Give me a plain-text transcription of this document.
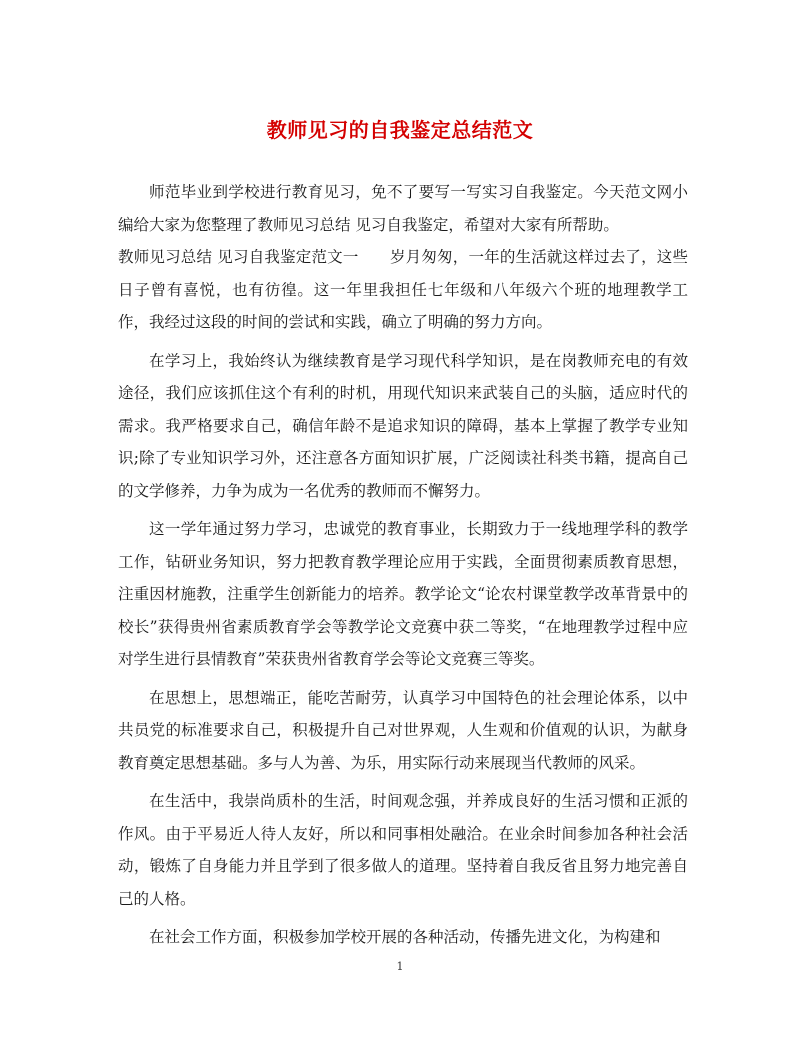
教师见习的自我鉴定总结范文

师范毕业到学校进行教育见习，免不了要写一写实习自我鉴定。今天范文网小编给大家为您整理了教师见习总结 见习自我鉴定，希望对大家有所帮助。

教师见习总结 见习自我鉴定范文一　　岁月匆匆，一年的生活就这样过去了，这些日子曾有喜悦，也有彷徨。这一年里我担任七年级和八年级六个班的地理教学工作，我经过这段的时间的尝试和实践，确立了明确的努力方向。

在学习上，我始终认为继续教育是学习现代科学知识，是在岗教师充电的有效途径，我们应该抓住这个有利的时机，用现代知识来武装自己的头脑，适应时代的需求。我严格要求自己，确信年龄不是追求知识的障碍，基本上掌握了教学专业知识;除了专业知识学习外，还注意各方面知识扩展，广泛阅读社科类书籍，提高自己的文学修养，力争为成为一名优秀的教师而不懈努力。

这一学年通过努力学习，忠诚党的教育事业，长期致力于一线地理学科的教学工作，钻研业务知识，努力把教育教学理论应用于实践，全面贯彻素质教育思想，注重因材施教，注重学生创新能力的培养。教学论文“论农村课堂教学改革背景中的校长”获得贵州省素质教育学会等教学论文竞赛中获二等奖，“在地理教学过程中应对学生进行县情教育”荣获贵州省教育学会等论文竞赛三等奖。

在思想上，思想端正，能吃苦耐劳，认真学习中国特色的社会理论体系，以中共员党的标准要求自己，积极提升自己对世界观，人生观和价值观的认识，为献身教育奠定思想基础。多与人为善、为乐，用实际行动来展现当代教师的风采。

在生活中，我崇尚质朴的生活，时间观念强，并养成良好的生活习惯和正派的作风。由于平易近人待人友好，所以和同事相处融洽。在业余时间参加各种社会活动，锻炼了自身能力并且学到了很多做人的道理。坚持着自我反省且努力地完善自己的人格。

在社会工作方面，积极参加学校开展的各种活动，传播先进文化，为构建和

1
